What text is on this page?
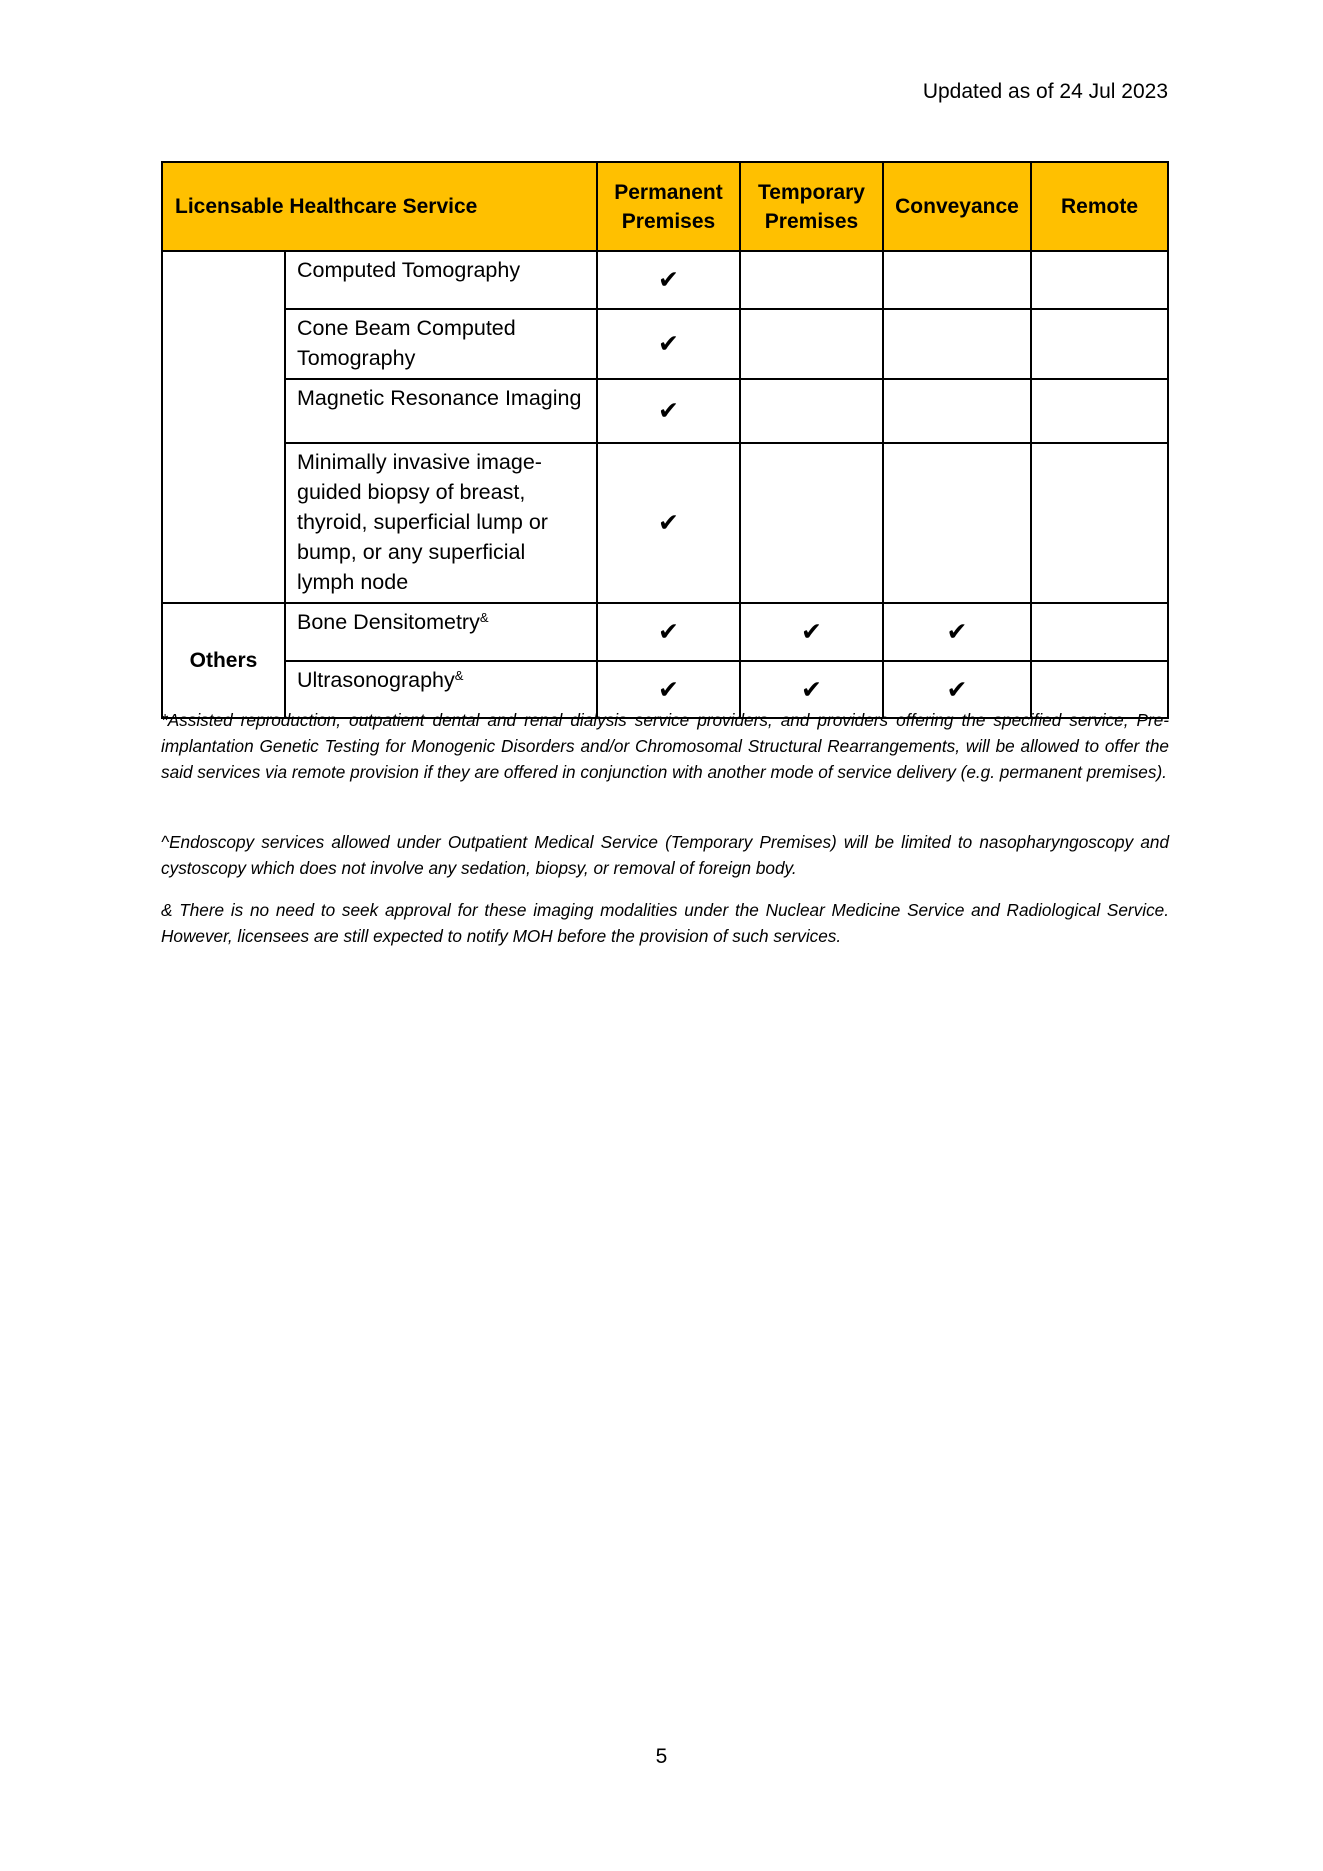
Updated as of 24 Jul 2023
Licensable Healthcare Service		Permanent Premises	Temporary Premises	Conveyance	Remote
	Computed Tomography	✔			
	Cone Beam Computed Tomography	✔			
	Magnetic Resonance Imaging	✔			
	Minimally invasive image-guided biopsy of breast, thyroid, superficial lump or bump, or any superficial lymph node	✔			
Others	Bone Densitometry&	✔	✔	✔	
	Ultrasonography&	✔	✔	✔	
*Assisted reproduction, outpatient dental and renal dialysis service providers, and providers offering the specified service, Pre-implantation Genetic Testing for Monogenic Disorders and/or Chromosomal Structural Rearrangements, will be allowed to offer the said services via remote provision if they are offered in conjunction with another mode of service delivery (e.g. permanent premises).
^Endoscopy services allowed under Outpatient Medical Service (Temporary Premises) will be limited to nasopharyngoscopy and cystoscopy which does not involve any sedation, biopsy, or removal of foreign body.
& There is no need to seek approval for these imaging modalities under the Nuclear Medicine Service and Radiological Service. However, licensees are still expected to notify MOH before the provision of such services.
5
